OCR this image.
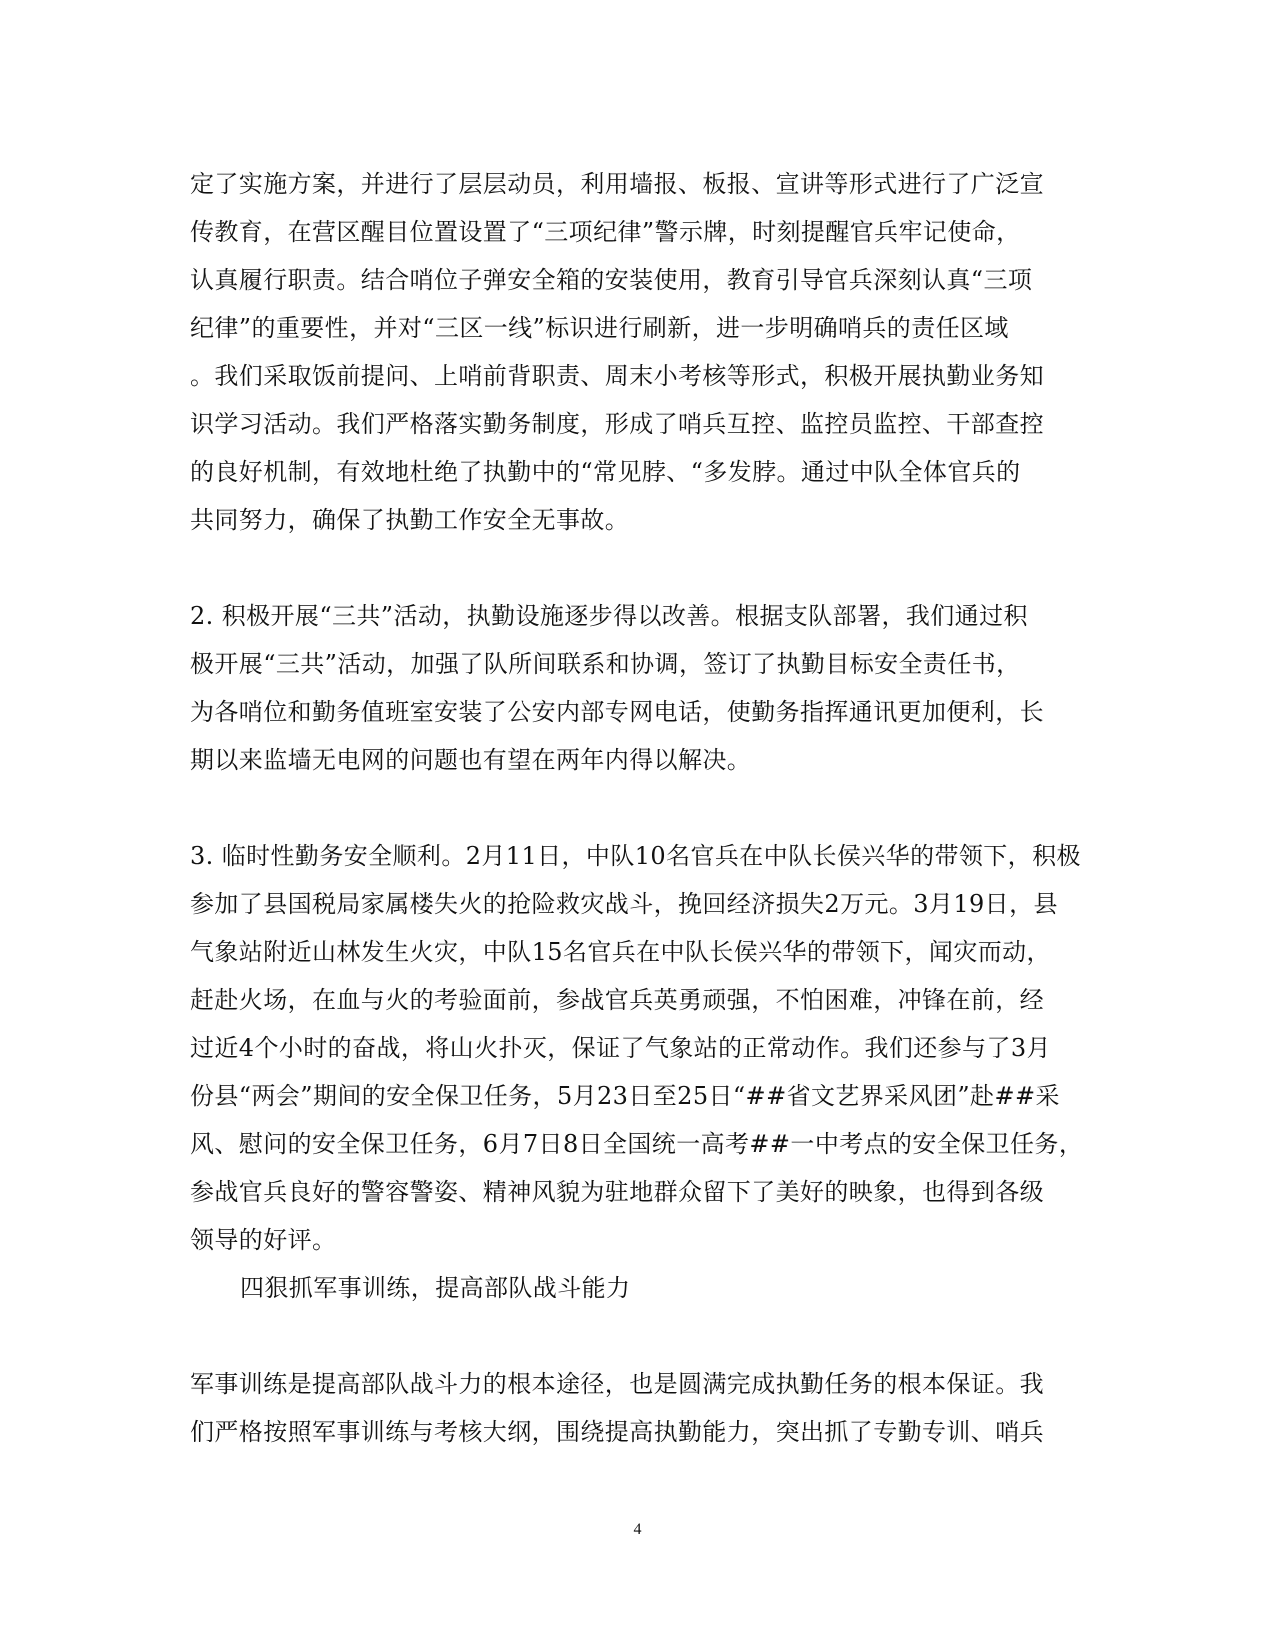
定了实施方案，并进行了层层动员，利用墙报、板报、宣讲等形式进行了广泛宣
传教育，在营区醒目位置设置了“三项纪律”警示牌，时刻提醒官兵牢记使命，
认真履行职责。结合哨位子弹安全箱的安装使用，教育引导官兵深刻认真“三项
纪律”的重要性，并对“三区一线”标识进行刷新，进一步明确哨兵的责任区域
。我们采取饭前提问、上哨前背职责、周末小考核等形式，积极开展执勤业务知
识学习活动。我们严格落实勤务制度，形成了哨兵互控、监控员监控、干部查控
的良好机制，有效地杜绝了执勤中的“常见脖、“多发脖。通过中队全体官兵的
共同努力，确保了执勤工作安全无事故。
2. 积极开展“三共”活动，执勤设施逐步得以改善。根据支队部署，我们通过积
极开展“三共”活动，加强了队所间联系和协调，签订了执勤目标安全责任书，
为各哨位和勤务值班室安装了公安内部专网电话，使勤务指挥通讯更加便利，长
期以来监墙无电网的问题也有望在两年内得以解决。
3. 临时性勤务安全顺利。2月11日，中队10名官兵在中队长侯兴华的带领下，积极
参加了县国税局家属楼失火的抢险救灾战斗，挽回经济损失2万元。3月19日，县
气象站附近山林发生火灾，中队15名官兵在中队长侯兴华的带领下，闻灾而动，
赶赴火场，在血与火的考验面前，参战官兵英勇顽强，不怕困难，冲锋在前，经
过近4个小时的奋战，将山火扑灭，保证了气象站的正常动作。我们还参与了3月
份县“两会”期间的安全保卫任务，5月23日至25日“##省文艺界采风团”赴##采
风、慰问的安全保卫任务，6月7日8日全国统一高考##一中考点的安全保卫任务，
参战官兵良好的警容警姿、精神风貌为驻地群众留下了美好的映象，也得到各级
领导的好评。
四狠抓军事训练，提高部队战斗能力
军事训练是提高部队战斗力的根本途径，也是圆满完成执勤任务的根本保证。我
们严格按照军事训练与考核大纲，围绕提高执勤能力，突出抓了专勤专训、哨兵
4
